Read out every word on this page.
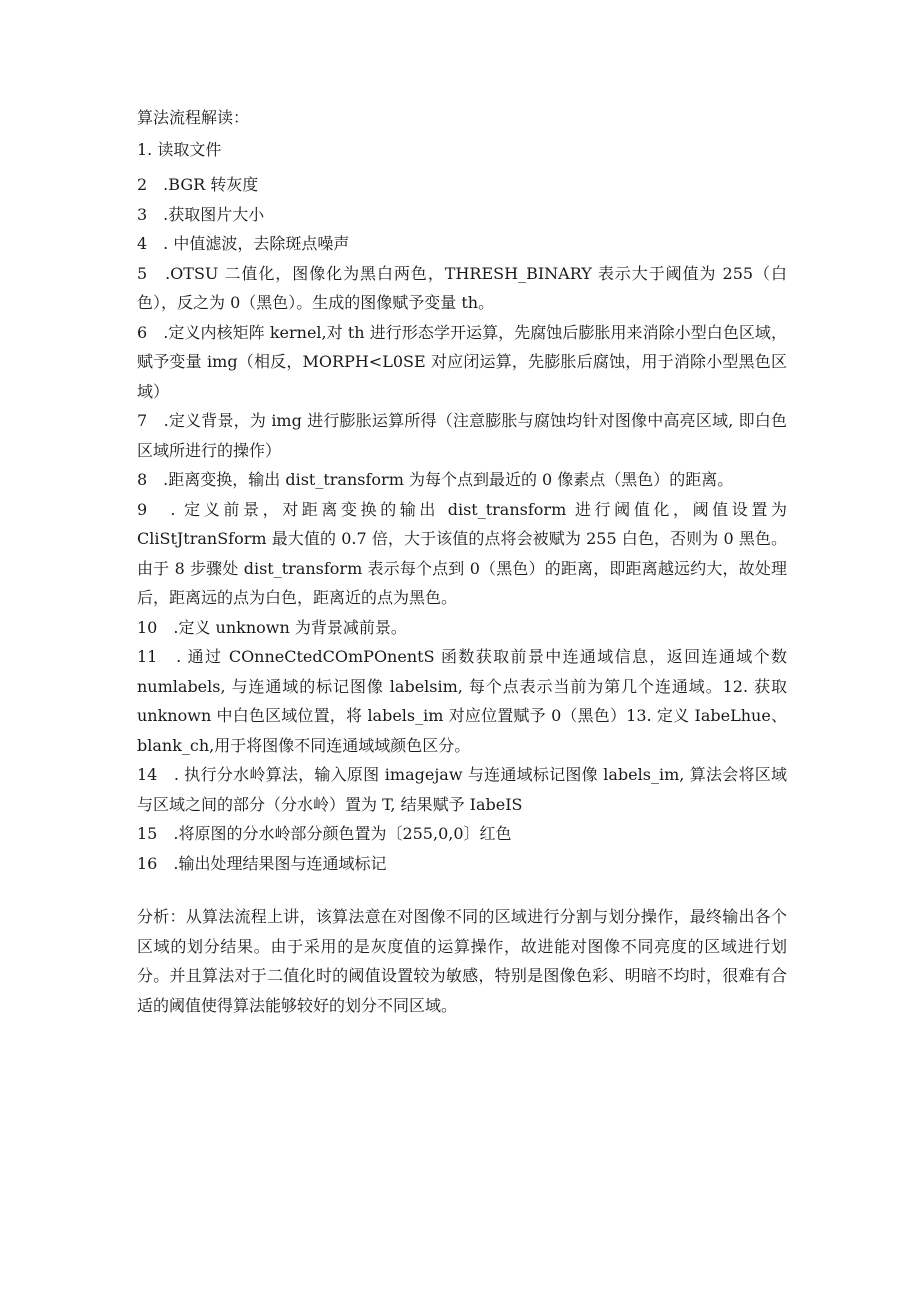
算法流程解读：

1. 读取文件

2　.BGR 转灰度

3　.获取图片大小

4　. 中值滤波，去除斑点噪声

5　.OTSU 二值化，图像化为黑白两色，THRESH_BINARY 表示大于阈值为 255（白色），反之为 0（黑色）。生成的图像赋予变量 th。

6　.定义内核矩阵 kernel,对 th 进行形态学开运算，先腐蚀后膨胀用来消除小型白色区域，赋予变量 img（相反，MORPH<L0SE 对应闭运算，先膨胀后腐蚀，用于消除小型黑色区域）

7　.定义背景，为 img 进行膨胀运算所得（注意膨胀与腐蚀均针对图像中高亮区域, 即白色区域所进行的操作）

8　.距离变换，输出 dist_transform 为每个点到最近的 0 像素点（黑色）的距离。

9　. 定义前景，对距离变换的输出 dist_transform 进行阈值化，阈值设置为 CliStJtranSform 最大值的 0.7 倍，大于该值的点将会被赋为 255 白色，否则为 0 黑色。由于 8 步骤处 dist_transform 表示每个点到 0（黑色）的距离，即距离越远约大，故处理后，距离远的点为白色，距离近的点为黑色。

10　.定义 unknown 为背景减前景。

11　. 通过 COnneCtedCOmPOnentS 函数获取前景中连通域信息，返回连通域个数 numlabels, 与连通域的标记图像 labelsim, 每个点表示当前为第几个连通域。12. 获取 unknown 中白色区域位置，将 labels_im 对应位置赋予 0（黑色）13. 定义 IabeLhue、blank_ch,用于将图像不同连通域域颜色区分。

14　. 执行分水岭算法，输入原图 imagejaw 与连通域标记图像 labels_im, 算法会将区域与区域之间的部分（分水岭）置为 T, 结果赋予 IabeIS

15　.将原图的分水岭部分颜色置为〔255,0,0〕红色

16　.输出处理结果图与连通域标记

分析：从算法流程上讲，该算法意在对图像不同的区域进行分割与划分操作，最终输出各个区域的划分结果。由于采用的是灰度值的运算操作，故进能对图像不同亮度的区域进行划分。并且算法对于二值化时的阈值设置较为敏感，特别是图像色彩、明暗不均时，很难有合适的阈值使得算法能够较好的划分不同区域。
